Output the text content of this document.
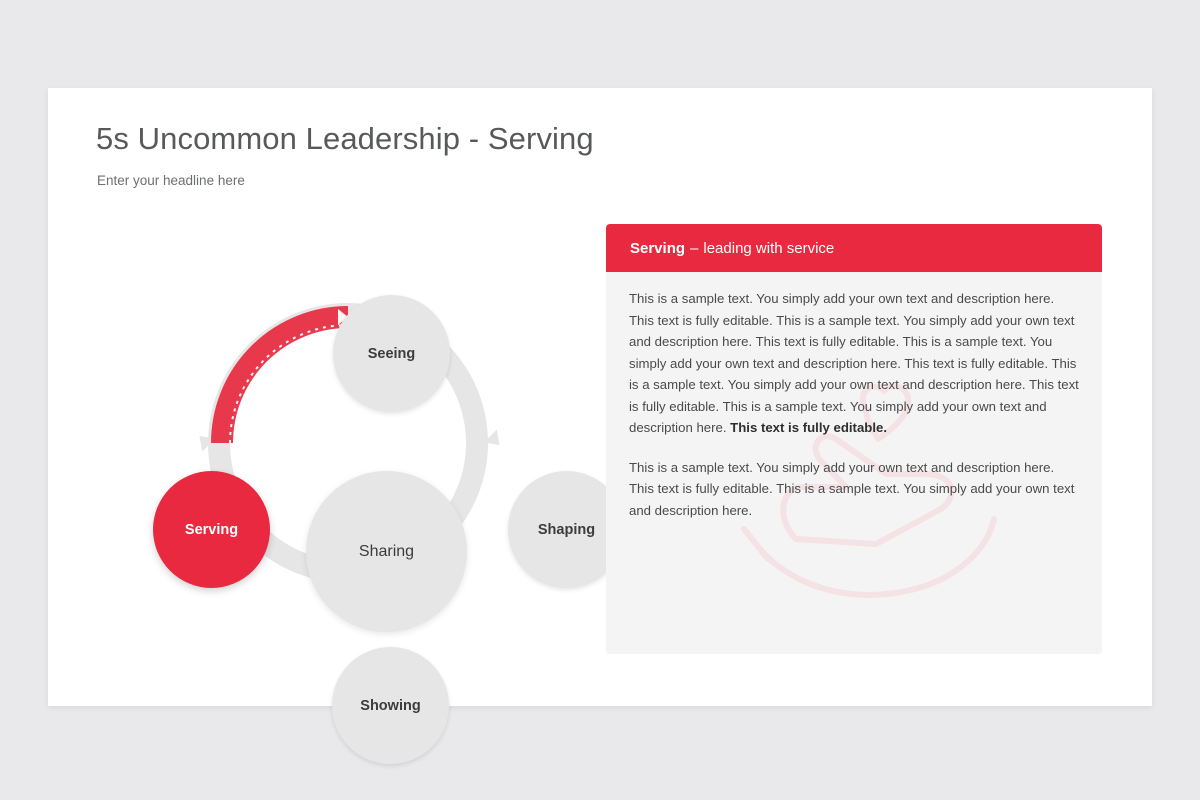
5s Uncommon Leadership - Serving
Enter your headline here
Seeing
Shaping
Showing
Sharing
Serving
Serving – leading with service

This is a sample text. You simply add your own text and description here. This text is fully editable. This is a sample text. You simply add your own text and description here. This text is fully editable. This is a sample text. You simply add your own text and description here. This text is fully editable. This is a sample text. You simply add your own text and description here. This text is fully editable. This is a sample text. You simply add your own text and description here. This text is fully editable.

This is a sample text. You simply add your own text and description here. This text is fully editable. This is a sample text. You simply add your own text and description here.
